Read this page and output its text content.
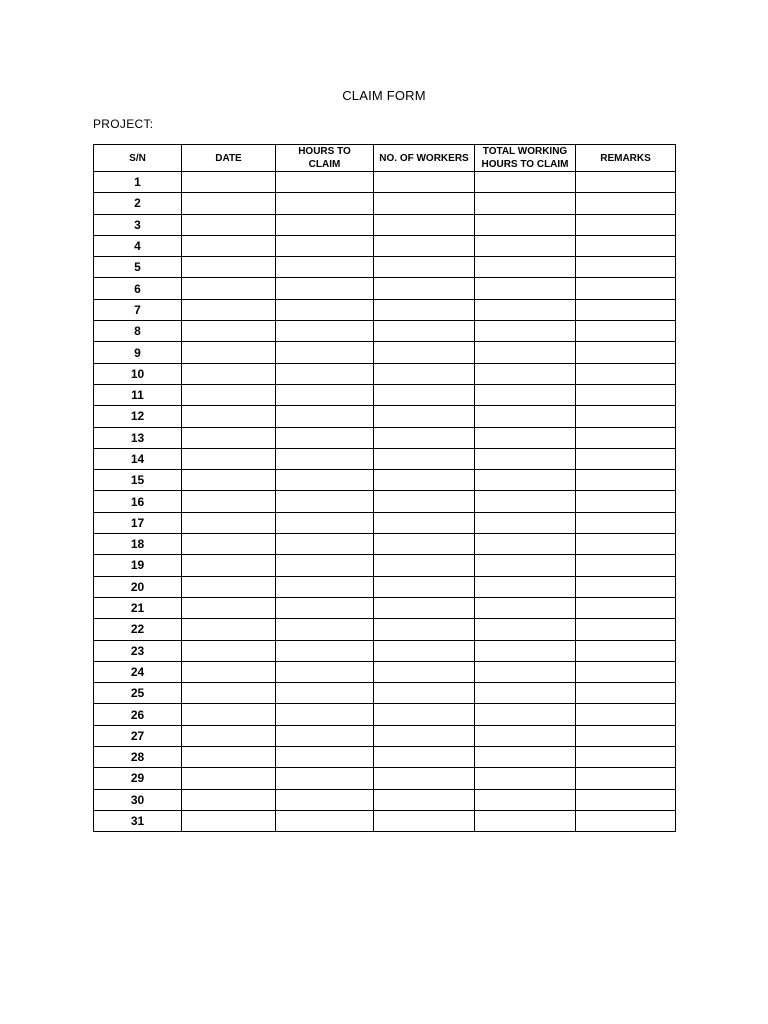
CLAIM FORM
PROJECT:
S/N	DATE	HOURS TO CLAIM	NO. OF WORKERS	TOTAL WORKING HOURS TO CLAIM	REMARKS
1					
2					
3					
4					
5					
6					
7					
8					
9					
10					
11					
12					
13					
14					
15					
16					
17					
18					
19					
20					
21					
22					
23					
24					
25					
26					
27					
28					
29					
30					
31					
